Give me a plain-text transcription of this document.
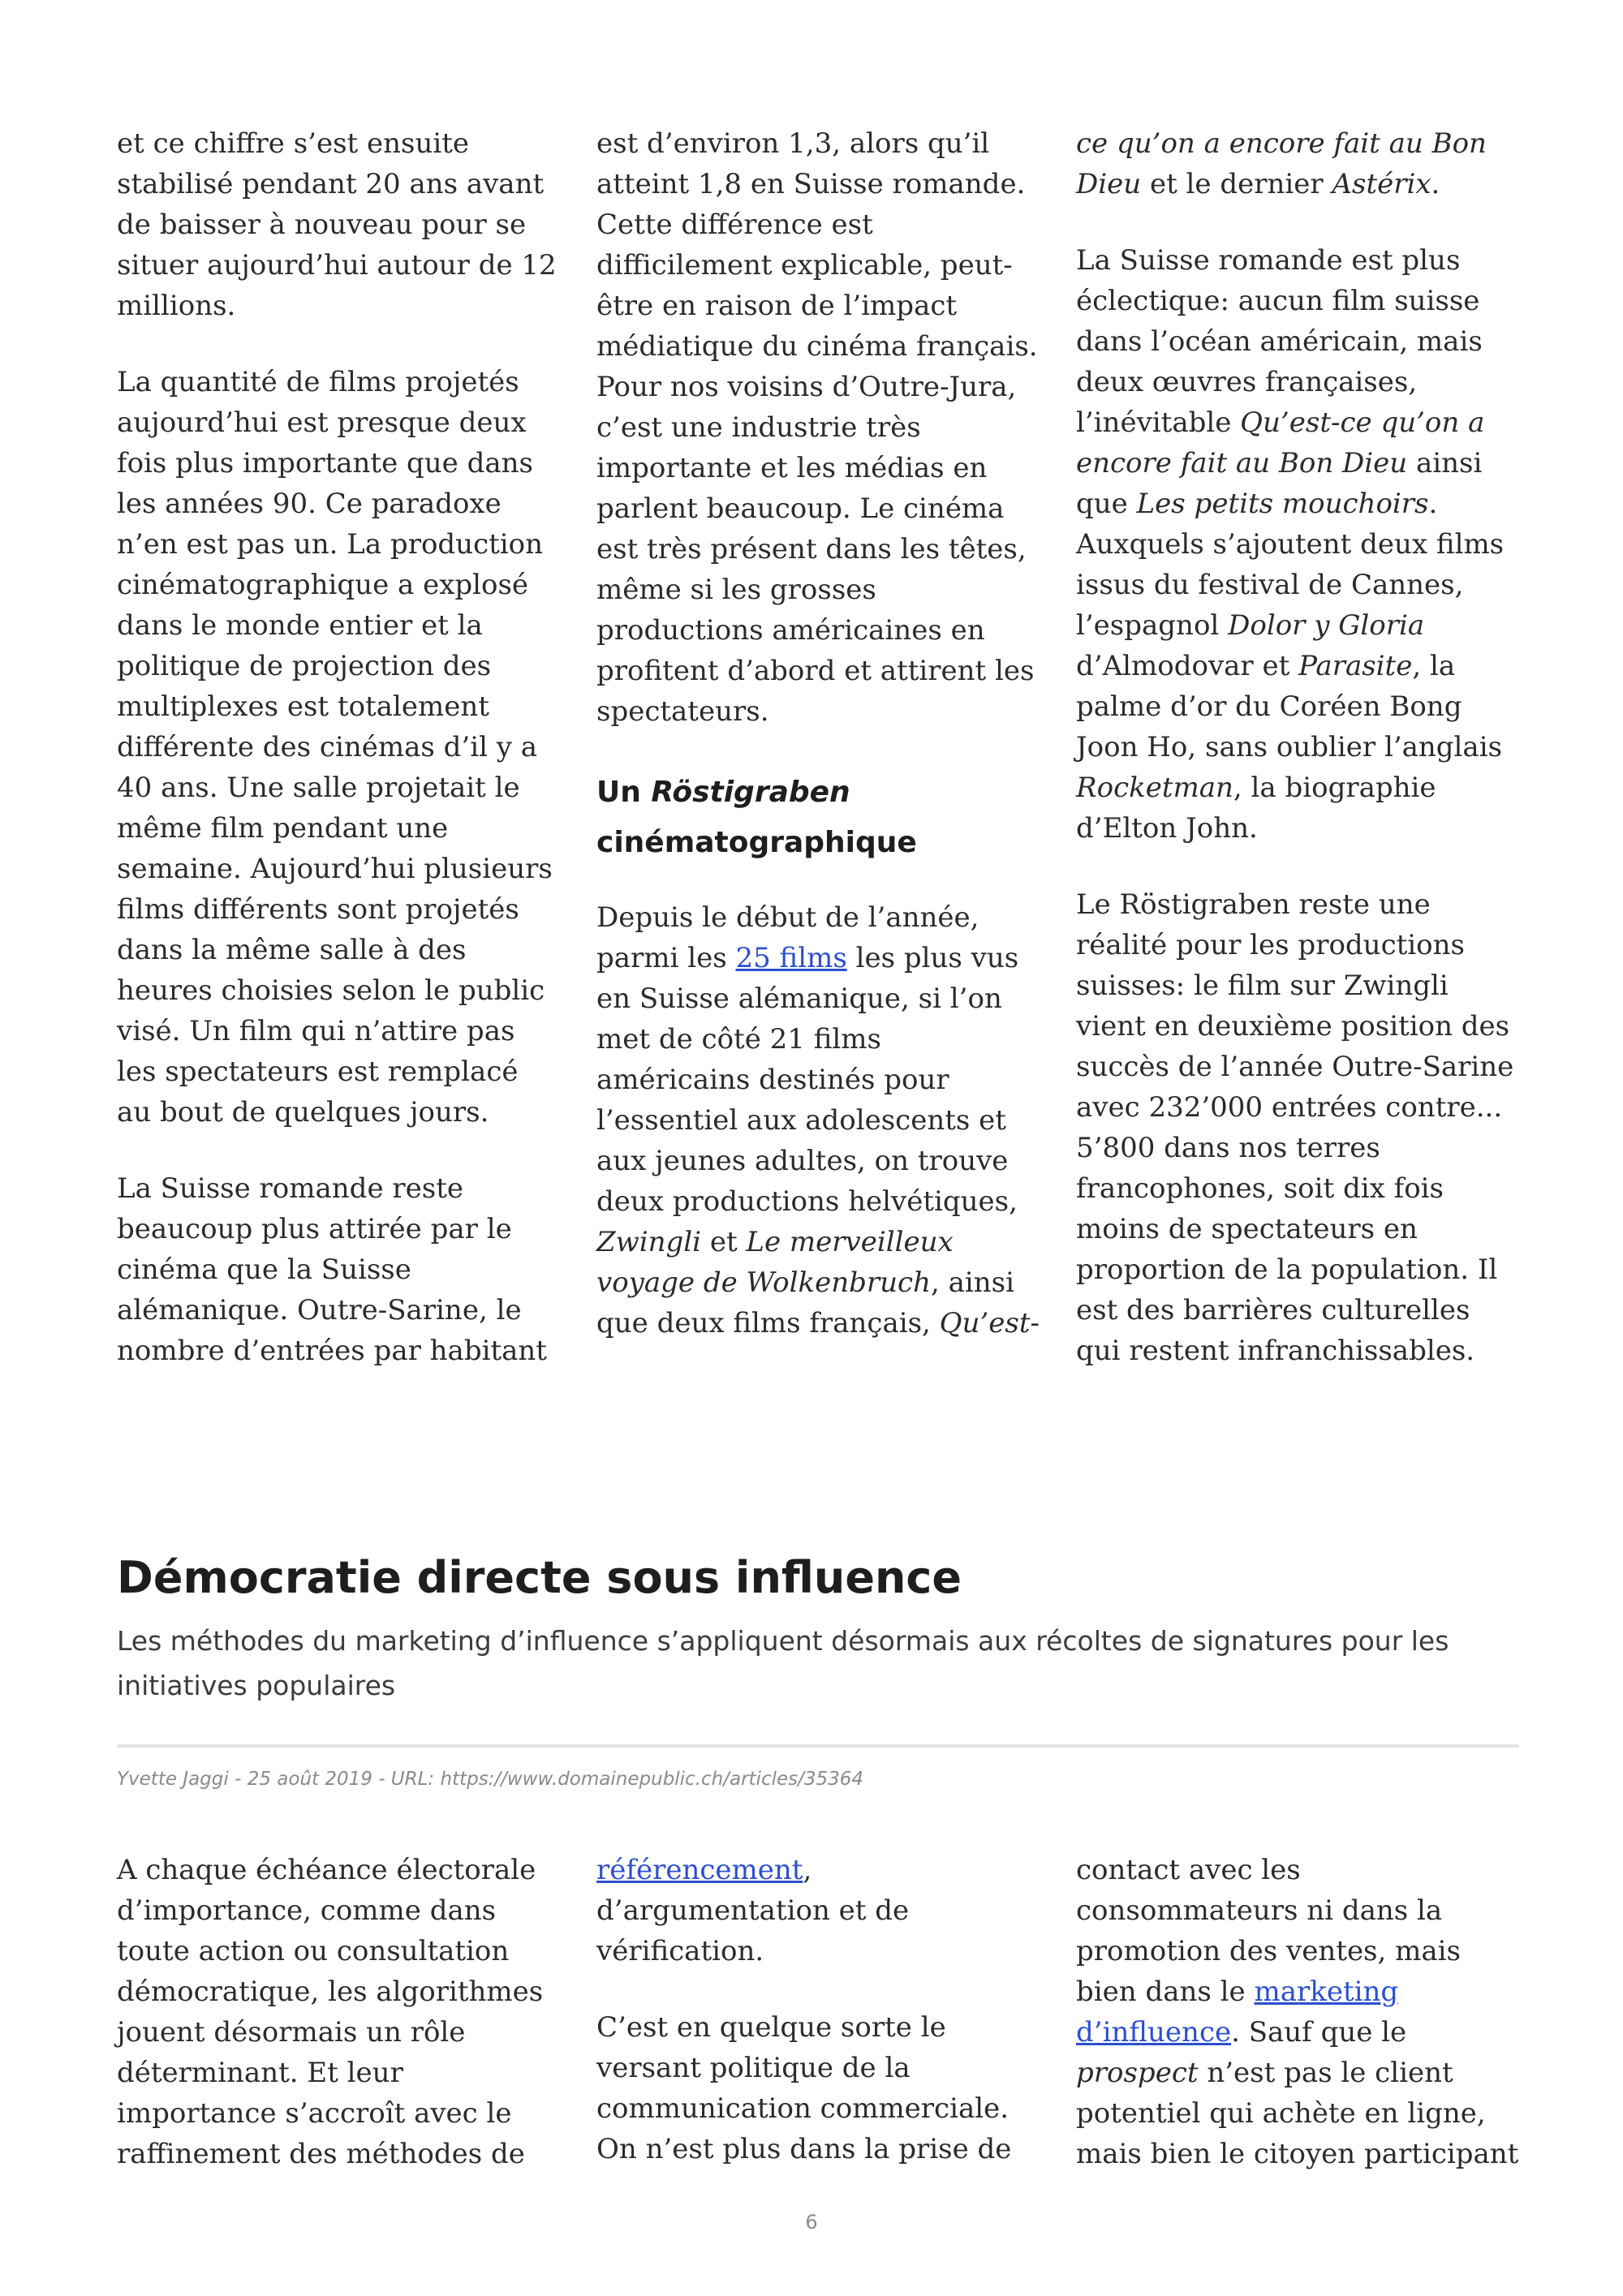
et ce chiffre s’est ensuite stabilisé pendant 20 ans avant de baisser à nouveau pour se situer aujourd’hui autour de 12 millions.

La quantité de films projetés aujourd’hui est presque deux fois plus importante que dans les années 90. Ce paradoxe n’en est pas un. La production cinématographique a explosé dans le monde entier et la politique de projection des multiplexes est totalement différente des cinémas d’il y a 40 ans. Une salle projetait le même film pendant une semaine. Aujourd’hui plusieurs films différents sont projetés dans la même salle à des heures choisies selon le public visé. Un film qui n’attire pas les spectateurs est remplacé au bout de quelques jours.

La Suisse romande reste beaucoup plus attirée par le cinéma que la Suisse alémanique. Outre-Sarine, le nombre d’entrées par habitant

est d’environ 1,3, alors qu’il atteint 1,8 en Suisse romande. Cette différence est difficilement explicable, peut-être en raison de l’impact médiatique du cinéma français. Pour nos voisins d’Outre-Jura, c’est une industrie très importante et les médias en parlent beaucoup. Le cinéma est très présent dans les têtes, même si les grosses productions américaines en profitent d’abord et attirent les spectateurs.

Un Röstigraben cinématographique

Depuis le début de l’année, parmi les 25 films les plus vus en Suisse alémanique, si l’on met de côté 21 films américains destinés pour l’essentiel aux adolescents et aux jeunes adultes, on trouve deux productions helvétiques, Zwingli et Le merveilleux voyage de Wolkenbruch, ainsi que deux films français, Qu’est-

ce qu’on a encore fait au Bon Dieu et le dernier Astérix.

La Suisse romande est plus éclectique: aucun film suisse dans l’océan américain, mais deux œuvres françaises, l’inévitable Qu’est-ce qu’on a encore fait au Bon Dieu ainsi que Les petits mouchoirs. Auxquels s’ajoutent deux films issus du festival de Cannes, l’espagnol Dolor y Gloria d’Almodovar et Parasite, la palme d’or du Coréen Bong Joon Ho, sans oublier l’anglais Rocketman, la biographie d’Elton John.

Le Röstigraben reste une réalité pour les productions suisses: le film sur Zwingli vient en deuxième position des succès de l’année Outre-Sarine avec 232’000 entrées contre... 5’800 dans nos terres francophones, soit dix fois moins de spectateurs en proportion de la population. Il est des barrières culturelles qui restent infranchissables.

Démocratie directe sous influence

Les méthodes du marketing d’influence s’appliquent désormais aux récoltes de signatures pour les initiatives populaires

Yvette Jaggi - 25 août 2019 - URL: https://www.domainepublic.ch/articles/35364

A chaque échéance électorale d’importance, comme dans toute action ou consultation démocratique, les algorithmes jouent désormais un rôle déterminant. Et leur importance s’accroît avec le raffinement des méthodes de

référencement, d’argumentation et de vérification.

C’est en quelque sorte le versant politique de la communication commerciale. On n’est plus dans la prise de

contact avec les consommateurs ni dans la promotion des ventes, mais bien dans le marketing d’influence. Sauf que le prospect n’est pas le client potentiel qui achète en ligne, mais bien le citoyen participant

6
